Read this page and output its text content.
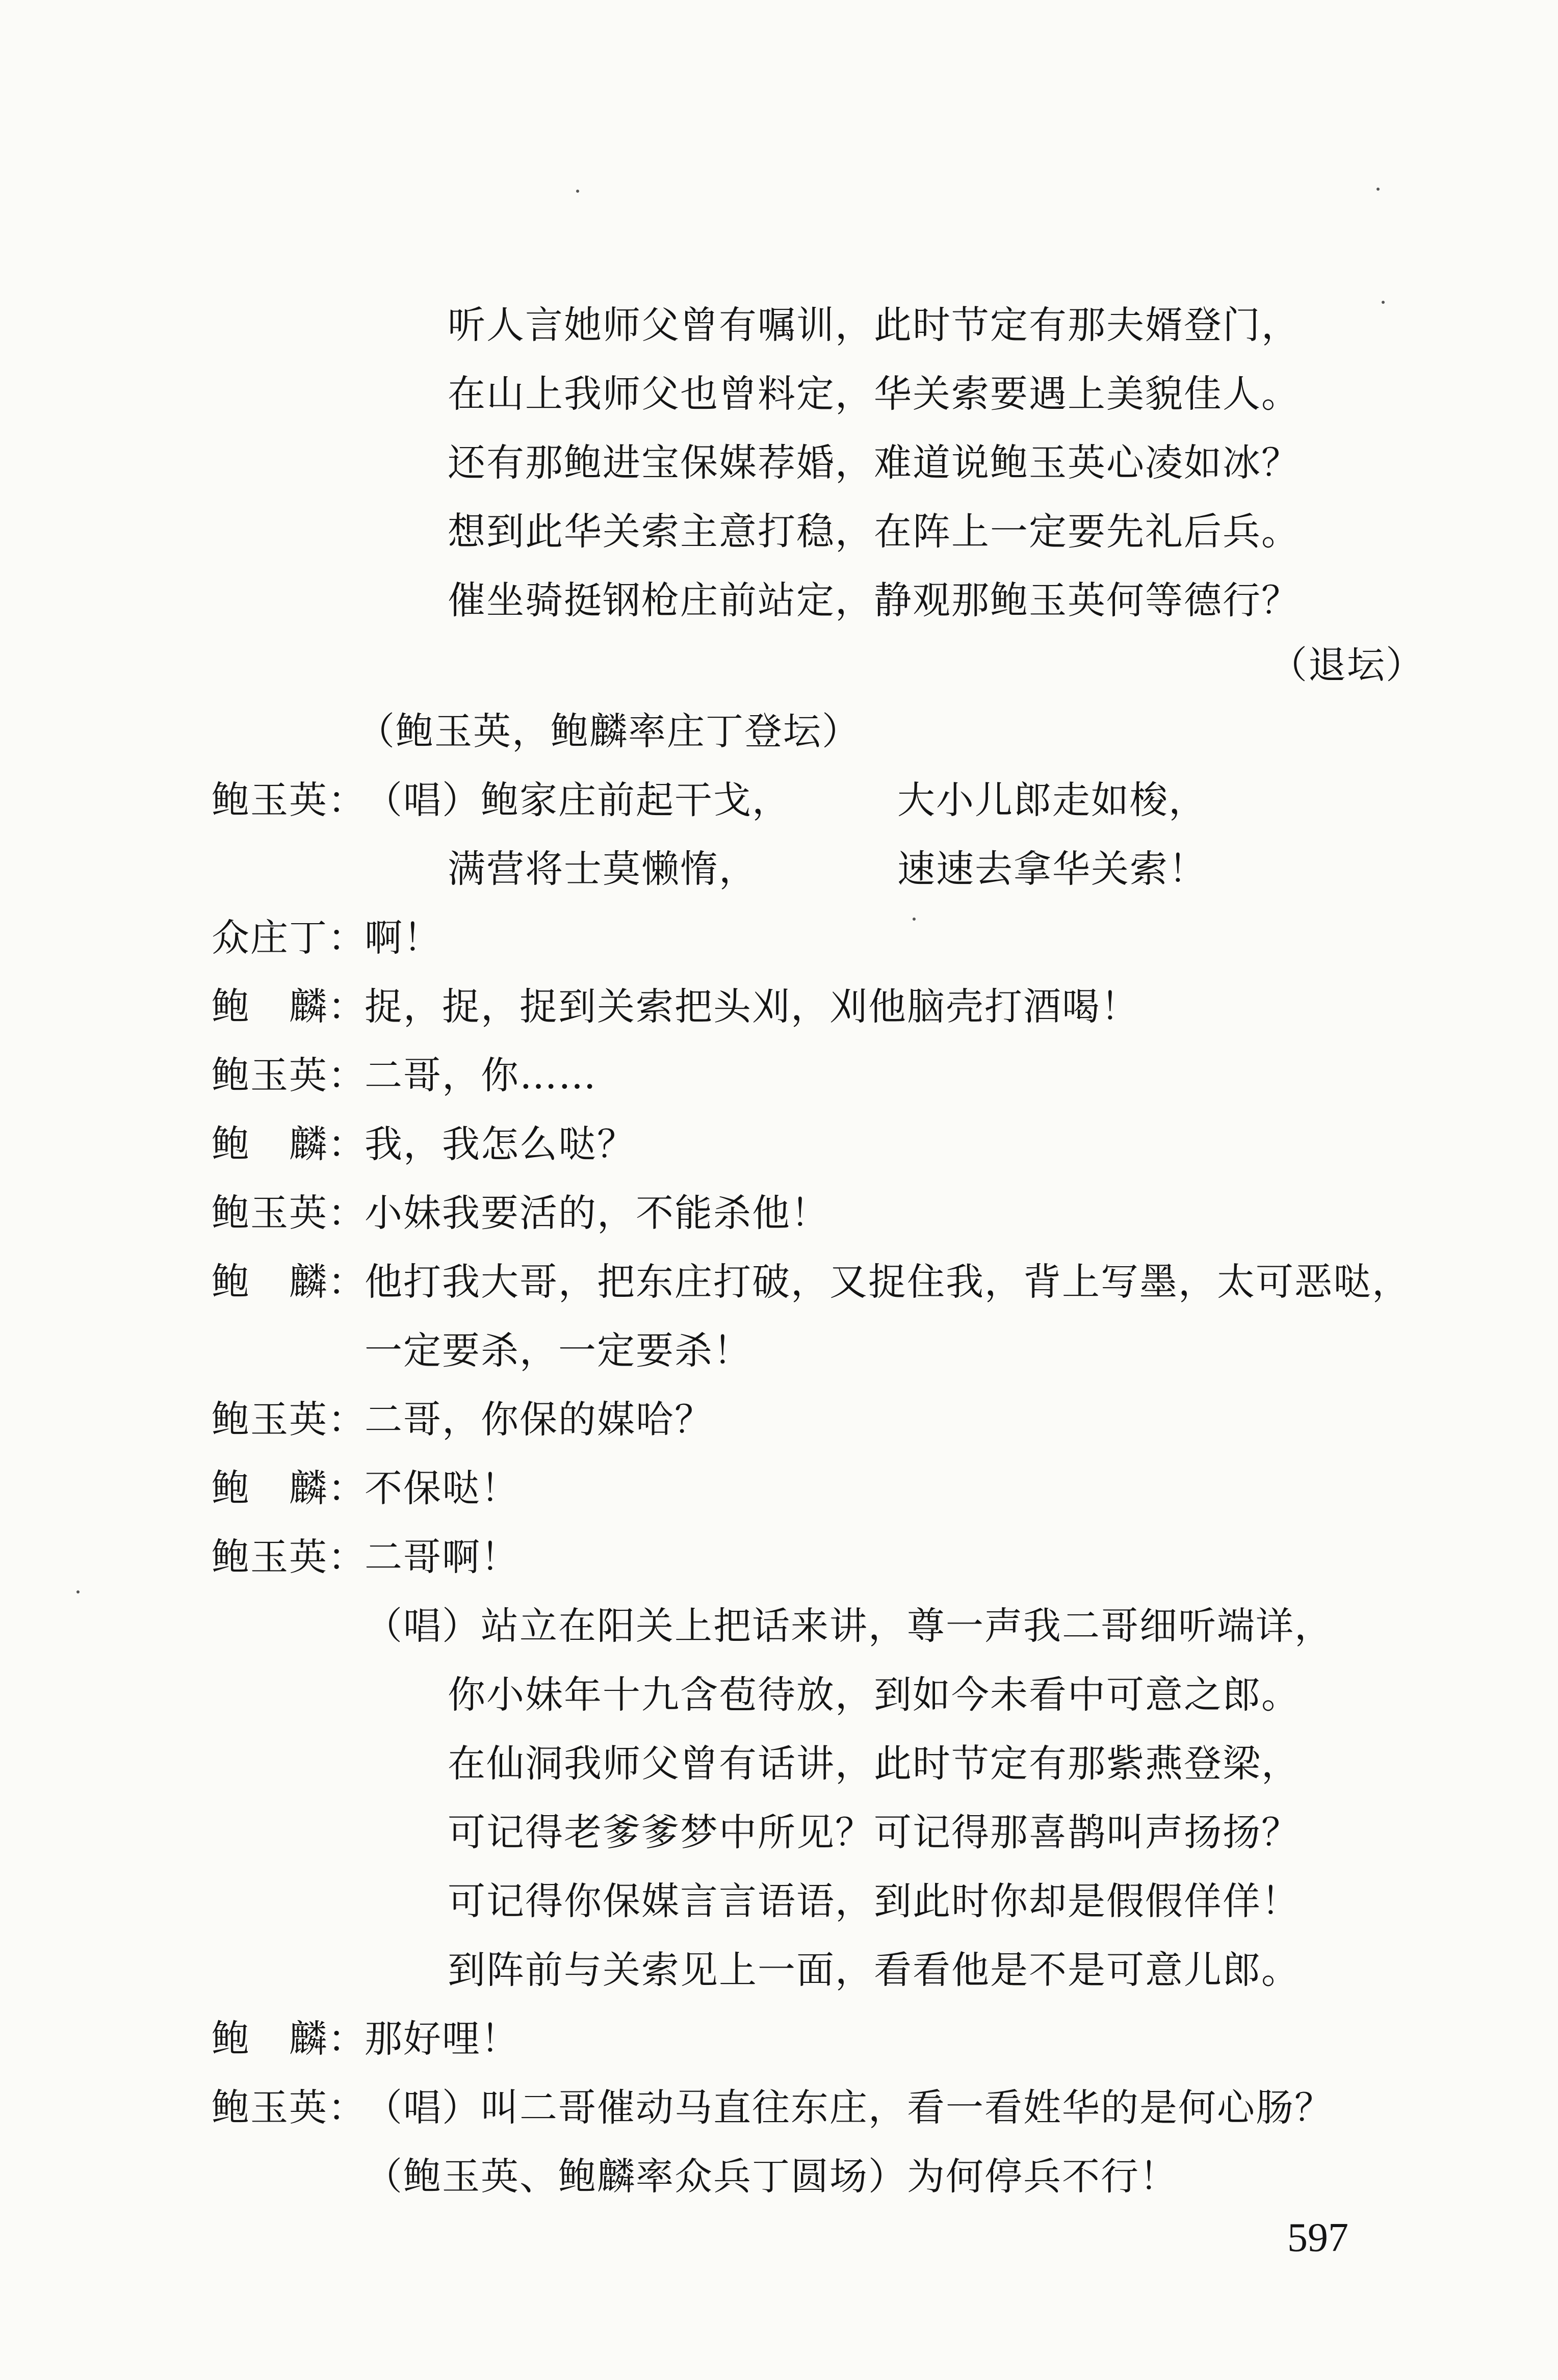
听人言她师父曾有嘱训，此时节定有那夫婿登门，
在山上我师父也曾料定，华关索要遇上美貌佳人。
还有那鲍进宝保媒荐婚，难道说鲍玉英心凌如冰？
想到此华关索主意打稳，在阵上一定要先礼后兵。
催坐骑挺钢枪庄前站定，静观那鲍玉英何等德行？
（退坛）
（鲍玉英，鲍麟率庄丁登坛）
鲍玉英：（唱）鲍家庄前起干戈，	大小儿郎走如梭，
满营将士莫懒惰，	速速去拿华关索！
众庄丁：啊！
鲍　麟：捉，捉，捉到关索把头刈，刈他脑壳打酒喝！
鲍玉英：二哥，你……
鲍　麟：我，我怎么哒？
鲍玉英：小妹我要活的，不能杀他！
鲍　麟：他打我大哥，把东庄打破，又捉住我，背上写墨，太可恶哒，
一定要杀，一定要杀！
鲍玉英：二哥，你保的媒哈？
鲍　麟：不保哒！
鲍玉英：二哥啊！
（唱）站立在阳关上把话来讲，尊一声我二哥细听端详，
你小妹年十九含苞待放，到如今未看中可意之郎。
在仙洞我师父曾有话讲，此时节定有那紫燕登梁，
可记得老爹爹梦中所见？可记得那喜鹊叫声扬扬？
可记得你保媒言言语语，到此时你却是假假佯佯！
到阵前与关索见上一面，看看他是不是可意儿郎。
鲍　麟：那好哩！
鲍玉英：（唱）叫二哥催动马直往东庄，看一看姓华的是何心肠？
（鲍玉英、鲍麟率众兵丁圆场）为何停兵不行！
597
